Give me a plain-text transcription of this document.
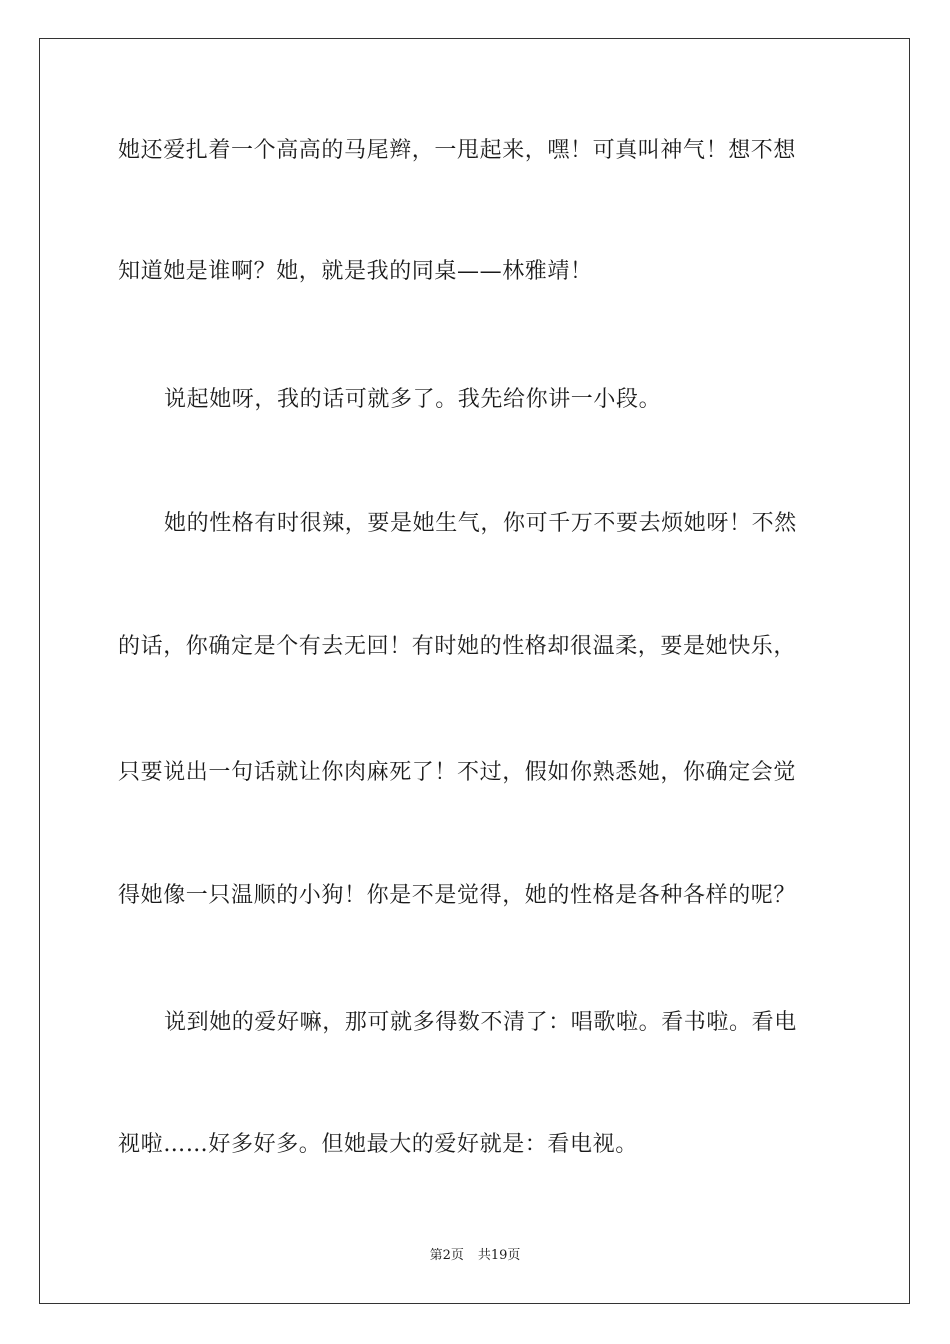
她还爱扎着一个高高的马尾辫，一甩起来，嘿！可真叫神气！想不想
知道她是谁啊？她，就是我的同桌——林雅靖！
说起她呀，我的话可就多了。我先给你讲一小段。
她的性格有时很辣，要是她生气，你可千万不要去烦她呀！不然
的话，你确定是个有去无回！有时她的性格却很温柔，要是她快乐，
只要说出一句话就让你肉麻死了！不过，假如你熟悉她，你确定会觉
得她像一只温顺的小狗！你是不是觉得，她的性格是各种各样的呢？
说到她的爱好嘛，那可就多得数不清了：唱歌啦。看书啦。看电
视啦……好多好多。但她最大的爱好就是：看电视。
第2页 共19页
